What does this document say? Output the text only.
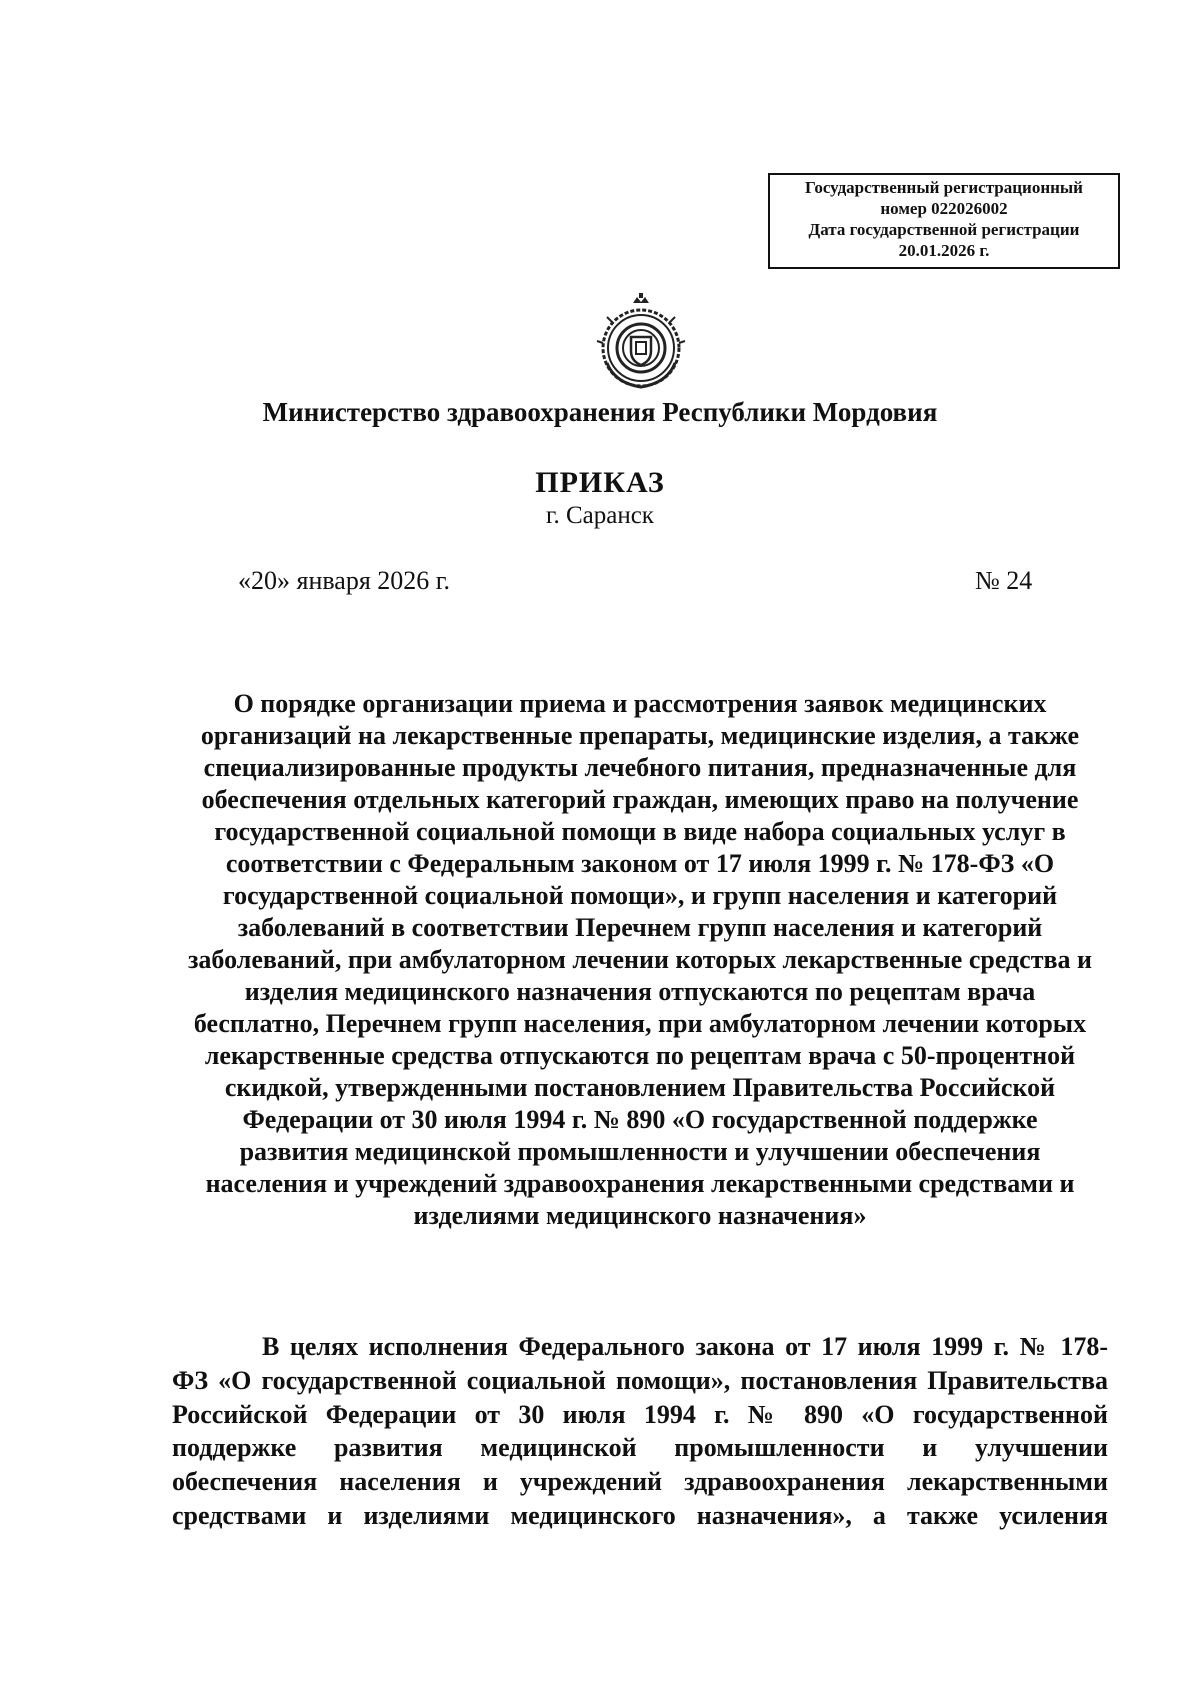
Государственный регистрационный
номер 022026002
Дата государственной регистрации
20.01.2026 г.
Министерство здравоохранения Республики Мордовия
ПРИКАЗ
г. Саранск
«20» января 2026 г.	№ 24
О порядке организации приема и рассмотрения заявок медицинских
организаций на лекарственные препараты, медицинские изделия, а также
специализированные продукты лечебного питания, предназначенные для
обеспечения отдельных категорий граждан, имеющих право на получение
государственной социальной помощи в виде набора социальных услуг в
соответствии с Федеральным законом от 17 июля 1999 г. № 178-ФЗ «О
государственной социальной помощи», и групп населения и категорий
заболеваний в соответствии Перечнем групп населения и категорий
заболеваний, при амбулаторном лечении которых лекарственные средства и
изделия медицинского назначения отпускаются по рецептам врача
бесплатно, Перечнем групп населения, при амбулаторном лечении которых
лекарственные средства отпускаются по рецептам врача с 50-процентной
скидкой, утвержденными постановлением Правительства Российской
Федерации от 30 июля 1994 г. № 890 «О государственной поддержке
развития медицинской промышленности и улучшении обеспечения
населения и учреждений здравоохранения лекарственными средствами и
изделиями медицинского назначения»
В целях исполнения Федерального закона от 17 июля 1999 г. № 178-
ФЗ «О государственной социальной помощи», постановления Правительства
Российской Федерации от 30 июля 1994 г. № 890 «О государственной
поддержке развития медицинской промышленности и улучшении
обеспечения населения и учреждений здравоохранения лекарственными
средствами и изделиями медицинского назначения», а также усиления
